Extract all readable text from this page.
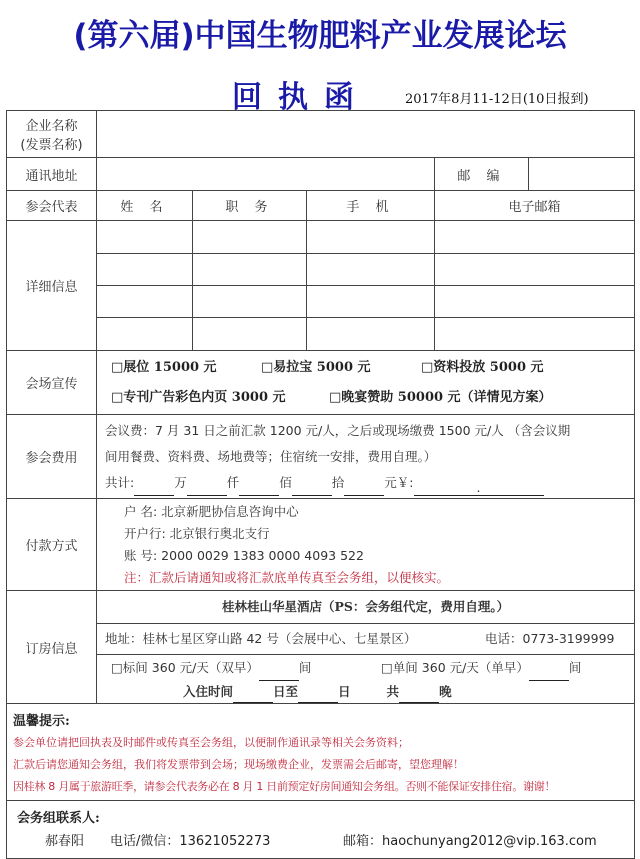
(第六届)中国生物肥料产业发展论坛
回执函	2017年8月11-12日(10日报到)
企业名称
(发票名称)					

通讯地址				邮 编	
参会代表	姓 名	职 务	手 机	电子邮箱	
详细信息					

会场宣传	□展位 15000 元 □易拉宝 5000 元 □资料投放 5000 元
□专刊广告彩色内页 3000 元 □晚宴赞助 50000 元（详情见方案）				

参会费用	会议费：7 月 31 日之前汇款 1200 元/人，之后或现场缴费 1500 元/人 （含会议期
间用餐费、资料费、场地费等；住宿统一安排，费用自理。）
共计: 万 仟 佰 拾 元￥: .				

付款方式	户 名: 北京新肥协信息咨询中心
开户行: 北京银行奥北支行
账 号: 2000 0029 1383 0000 4093 522
注：汇款后请通知或将汇款底单传真至会务组，以便核实。				

订房信息	桂林桂山华星酒店（PS：会务组代定，费用自理。）
地址：桂林七星区穿山路 42 号（会展中心、七星景区） 电话：0773-3199999
□标间 360 元/天（双早） 间 □单间 360 元/天（单早） 间
入住时间 日至 日 共 晚				

温馨提示:
参会单位请把回执表及时邮件或传真至会务组，以便制作通讯录等相关会务资料；
汇款后请您通知会务组，我们将发票带到会场；现场缴费企业，发票需会后邮寄，望您理解！
因桂林 8 月属于旅游旺季，请参会代表务必在 8 月 1 日前预定好房间通知会务组。否则不能保证安排住宿。谢谢！					

会务组联系人:
郝春阳 电话/微信：13621052273 邮箱：haochunyang2012@vip.163.com					
